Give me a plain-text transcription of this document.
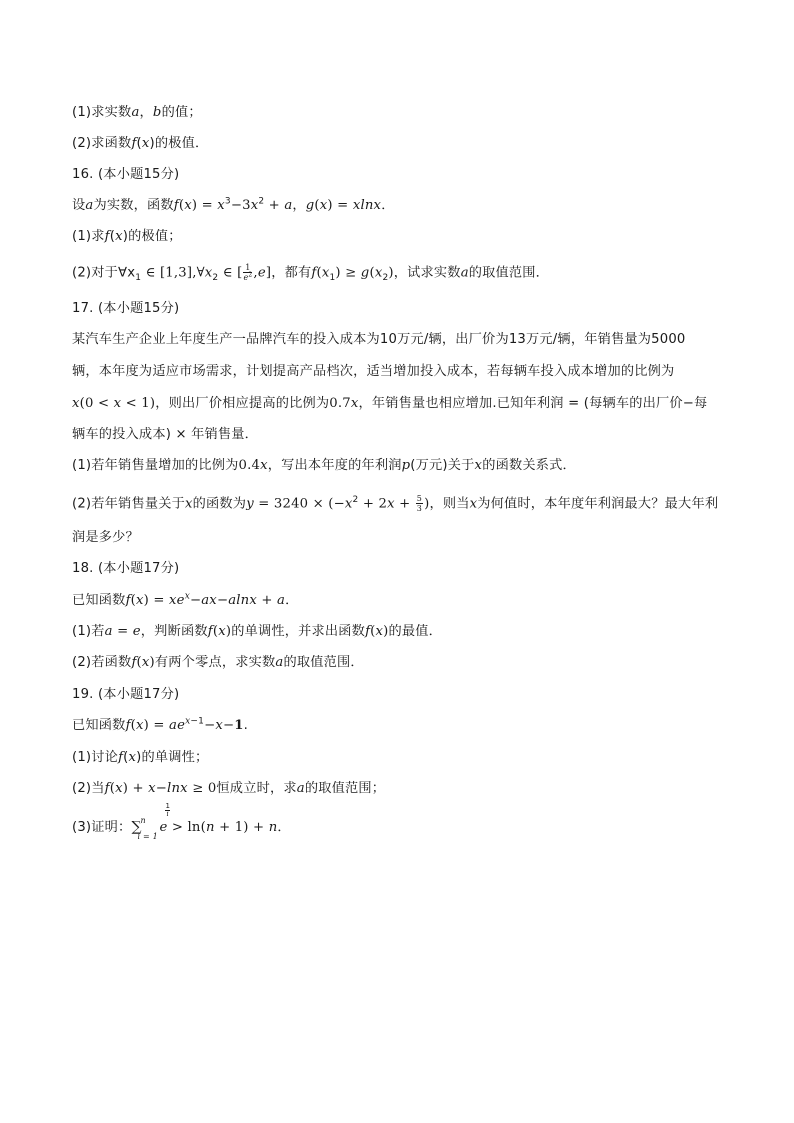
(1)求实数a，b的值；
(2)求函数f(x)的极值．
16. (本小题15分)
设a为实数，函数$f(x) = x^3-3x^2 + a$，g(x) = xlnx．
(1)求f(x)的极值；
(2)对于$\forall x_1$ ∈ $[1,3],\forall x_2$ ∈ [ $\frac{1}{e^2} ,e$]，都有$f(x_1) \ge g(x_2)$，试求实数a的取值范围．
17. (本小题15分)
某汽车生产企业上年度生产一品牌汽车的投入成本为10万元/辆，出厂价为13万元/辆，年销售量为5000
辆，本年度为适应市场需求，计划提高产品档次，适当增加投入成本，若每辆车投入成本增加的比例为
x(0 < x < 1)，则出厂价相应提高的比例为0.7x，年销售量也相应增加.已知年利润 = (每辆车的出厂价−每
辆车的投入成本) × 年销售量．
(1)若年销售量增加的比例为0.4x，写出本年度的年利润p(万元)关于x的函数关系式．
(2)若年销售量关于x的函数为$y = 3240 \times (-x^2 + 2x + \frac{5}{3}$ )，则当x为何值时，本年度年利润最大？最大年利
润是多少？
18. (本小题17分)
已知函数$f(x) = xe^x-ax-alnx + a$．
(1)若a = e，判断函数f(x)的单调性，并求出函数f(x)的最值．
(2)若函数f(x)有两个零点，求实数a的取值范围．
19. (本小题17分)
已知函数$f(x) = ae^{x-1}-x-1$.
(1)讨论f(x)的单调性；
(2)当f(x) + x−lnx ≥ 0恒成立时，求a的取值范围；
(3)证明： ∑
n
i = 1
e
1
i
> ln(n + 1) + n．
